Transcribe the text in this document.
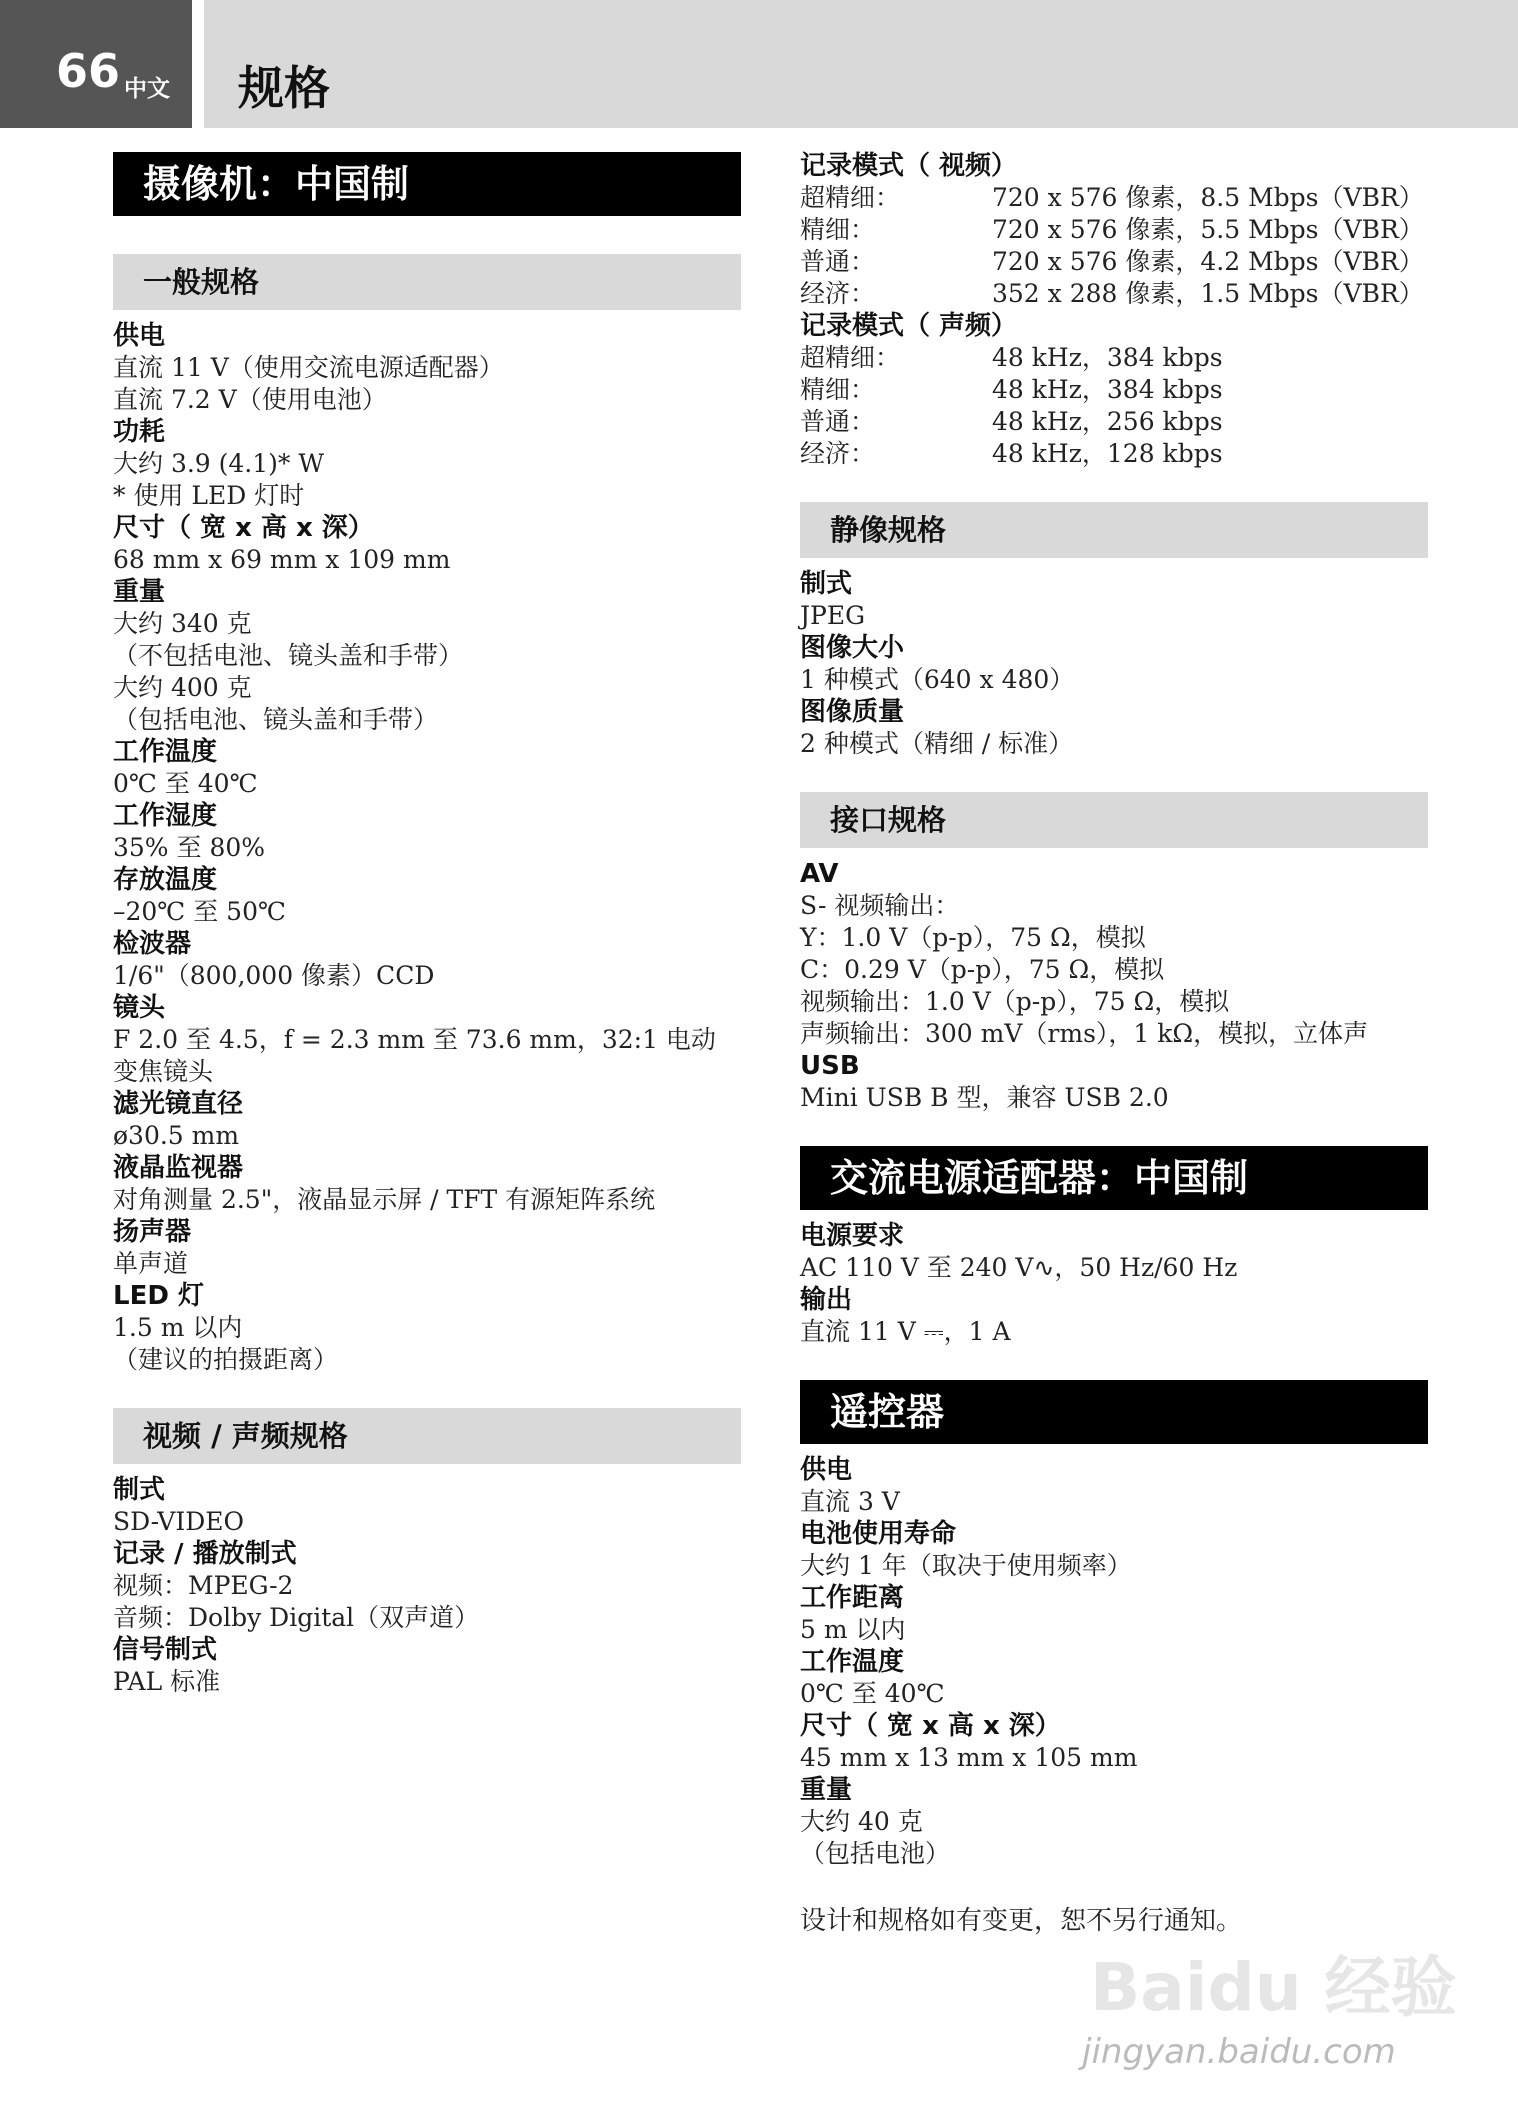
66 中文 规格
摄像机：中国制
一般规格
供电
直流 11 V（使用交流电源适配器）
直流 7.2 V（使用电池）
功耗
大约 3.9 (4.1)* W
* 使用 LED 灯时
尺寸（ 宽 x 高 x 深）
68 mm x 69 mm x 109 mm
重量
大约 340 克
（不包括电池、镜头盖和手带）
大约 400 克
（包括电池、镜头盖和手带）
工作温度
0℃ 至 40℃
工作湿度
35% 至 80%
存放温度
–20℃ 至 50℃
检波器
1/6"（800,000 像素）CCD
镜头
F 2.0 至 4.5，f = 2.3 mm 至 73.6 mm，32:1 电动
变焦镜头
滤光镜直径
ø30.5 mm
液晶监视器
对角测量 2.5"，液晶显示屏 / TFT 有源矩阵系统
扬声器
单声道
LED 灯
1.5 m 以内
（建议的拍摄距离）
视频 / 声频规格
制式
SD-VIDEO
记录 / 播放制式
视频：MPEG-2
音频：Dolby Digital（双声道）
信号制式
PAL 标准
记录模式（ 视频）
超精细：	720 x 576 像素，8.5 Mbps（VBR）
精细：	720 x 576 像素，5.5 Mbps（VBR）
普通：	720 x 576 像素，4.2 Mbps（VBR）
经济：	352 x 288 像素，1.5 Mbps（VBR）
记录模式（ 声频）
超精细：	48 kHz，384 kbps
精细：	48 kHz，384 kbps
普通：	48 kHz，256 kbps
经济：	48 kHz，128 kbps
静像规格
制式
JPEG
图像大小
1 种模式（640 x 480）
图像质量
2 种模式（精细 / 标准）
接口规格
AV
S- 视频输出：
Y：1.0 V（p-p），75 Ω，模拟
C：0.29 V（p-p），75 Ω，模拟
视频输出：1.0 V（p-p），75 Ω，模拟
声频输出：300 mV（rms），1 kΩ，模拟，立体声
USB
Mini USB B 型，兼容 USB 2.0
交流电源适配器：中国制
电源要求
AC 110 V 至 240 V∿，50 Hz/60 Hz
输出
直流 11 V ⎓，1 A
遥控器
供电
直流 3 V
电池使用寿命
大约 1 年（取决于使用频率）
工作距离
5 m 以内
工作温度
0℃ 至 40℃
尺寸（ 宽 x 高 x 深）
45 mm x 13 mm x 105 mm
重量
大约 40 克
（包括电池）
设计和规格如有变更，恕不另行通知。
Baidu 经验
jingyan.baidu.com
